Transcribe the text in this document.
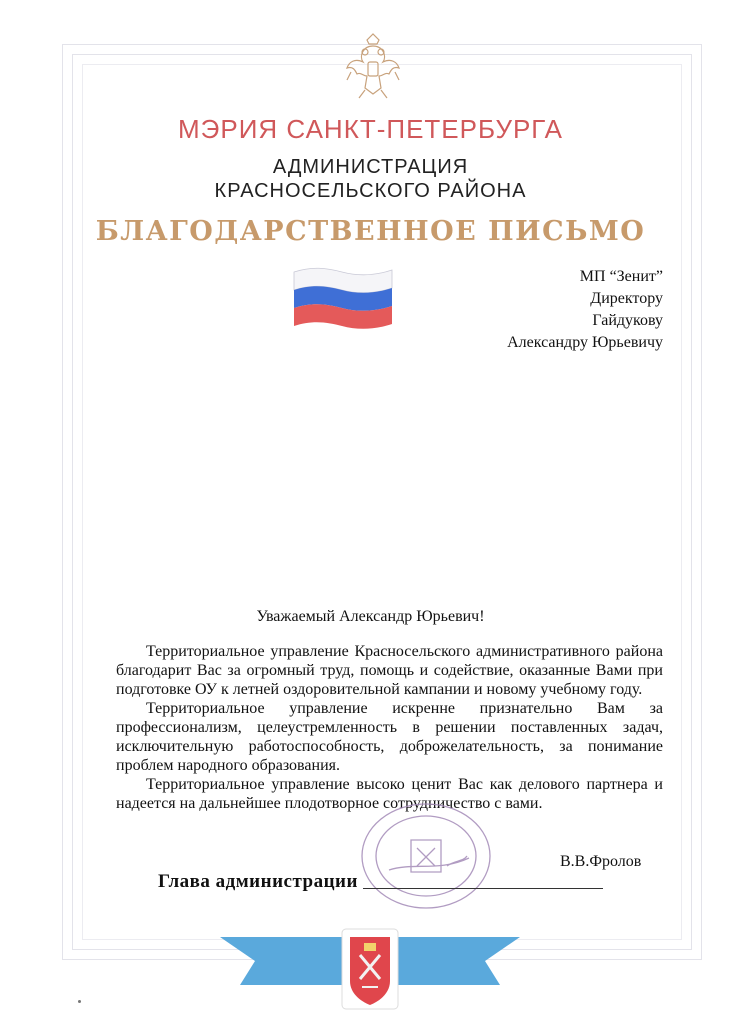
МЭРИЯ САНКТ-ПЕТЕРБУРГА
АДМИНИСТРАЦИЯ
КРАСНОСЕЛЬСКОГО РАЙОНА
БЛАГОДАРСТВЕННОЕ ПИСЬМО
МП “Зенит”
Директору
Гайдукову
Александру Юрьевичу
Уважаемый Александр Юрьевич!

Территориальное управление Красносельского административного района благодарит Вас за огромный труд, помощь и содействие, оказанные Вами при подготовке ОУ к летней оздоровительной кампании и новому учебному году.

Территориальное управление искренне признательно Вам за профессионализм, целеустремленность в решении поставленных задач, исключительную работоспособность, доброжелательность, за понимание проблем народного образования.

Территориальное управление высоко ценит Вас как делового партнера и надеется на дальнейшее плодотворное сотрудничество с вами.

В.В.Фролов
Глава администрации
